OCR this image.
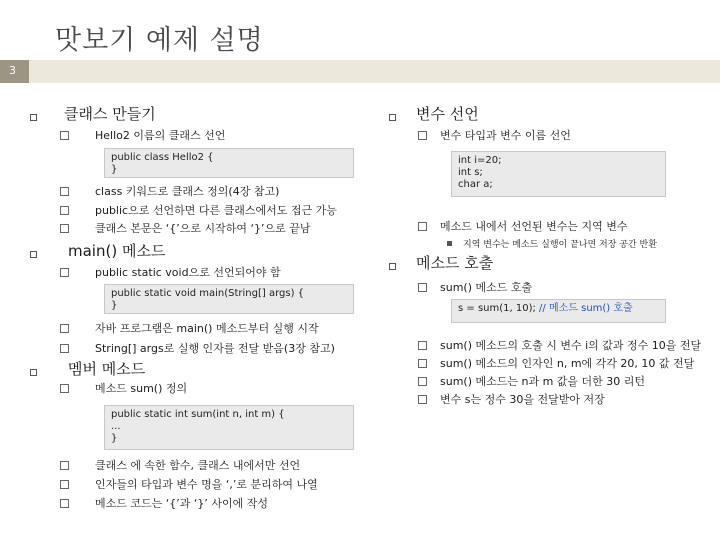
맛보기 예제 설명
3
클래스 만들기
Hello2 이름의 클래스 선언
public class Hello2 {
}
class 키워드로 클래스 정의(4장 참고)
public으로 선언하면 다른 클래스에서도 접근 가능
클래스 본문은 ‘{’으로 시작하여 ‘}’으로 끝남
main() 메소드
public static void으로 선언되어야 함
public static void main(String[] args) {
}
자바 프로그램은 main() 메소드부터 실행 시작
String[] args로 실행 인자를 전달 받음(3장 참고)
멤버 메소드
메소드 sum() 정의
public static int sum(int n, int m) {
...
}
클래스 에 속한 함수, 클래스 내에서만 선언
인자들의 타입과 변수 명을 ‘,’로 분리하여 나열
메소드 코드는 ‘{’과 ‘}’ 사이에 작성
변수 선언
변수 타입과 변수 이름 선언
int i=20;
int s;
char a;
메소드 내에서 선언된 변수는 지역 변수
지역 변수는 메소드 실행이 끝나면 저장 공간 반환
메소드 호출
sum() 메소드 호출
s = sum(1, 10); // 메소드 sum() 호출
sum() 메소드의 호출 시 변수 i의 값과 정수 10을 전달
sum() 메소드의 인자인 n, m에 각각 20, 10 값 전달
sum() 메소드는 n과 m 값을 더한 30 리턴
변수 s는 정수 30을 전달받아 저장
